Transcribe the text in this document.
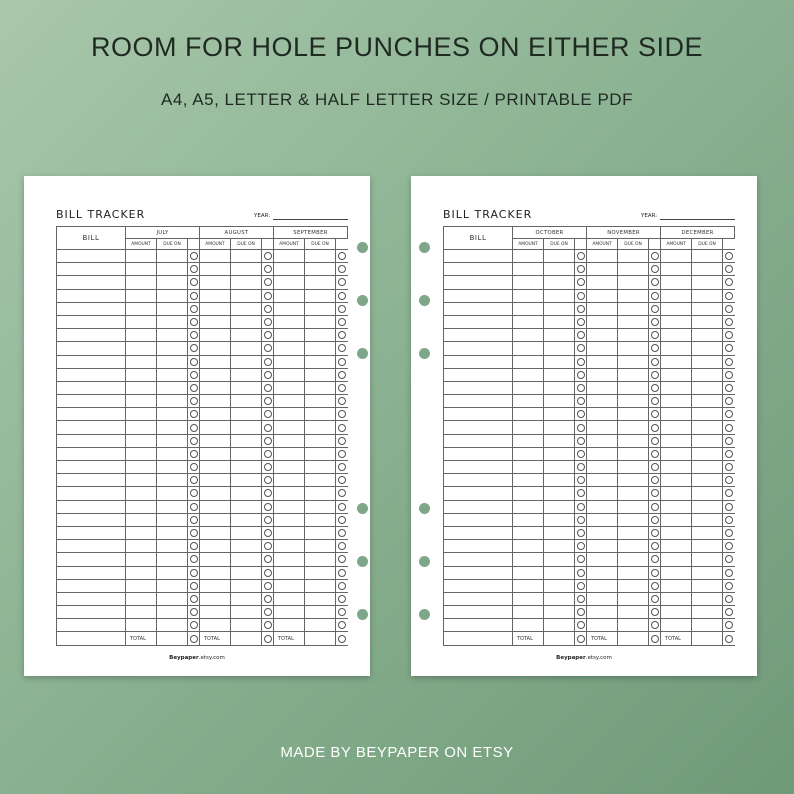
ROOM FOR HOLE PUNCHES ON EITHER SIDE
A4, A5, LETTER & HALF LETTER SIZE / PRINTABLE PDF
BILL TRACKER	YEAR:
BILL	JULY			AUGUST			SEPTEMBER		
	AMOUNT	DUE ON		AMOUNT	DUE ON		AMOUNT	DUE ON	

	TOTAL			TOTAL			TOTAL		
Beypaper.etsy.com
BILL TRACKER	YEAR:
BILL	OCTOBER			NOVEMBER			DECEMBER		
	AMOUNT	DUE ON		AMOUNT	DUE ON		AMOUNT	DUE ON	

	TOTAL			TOTAL			TOTAL		
Beypaper.etsy.com
MADE BY BEYPAPER ON ETSY
